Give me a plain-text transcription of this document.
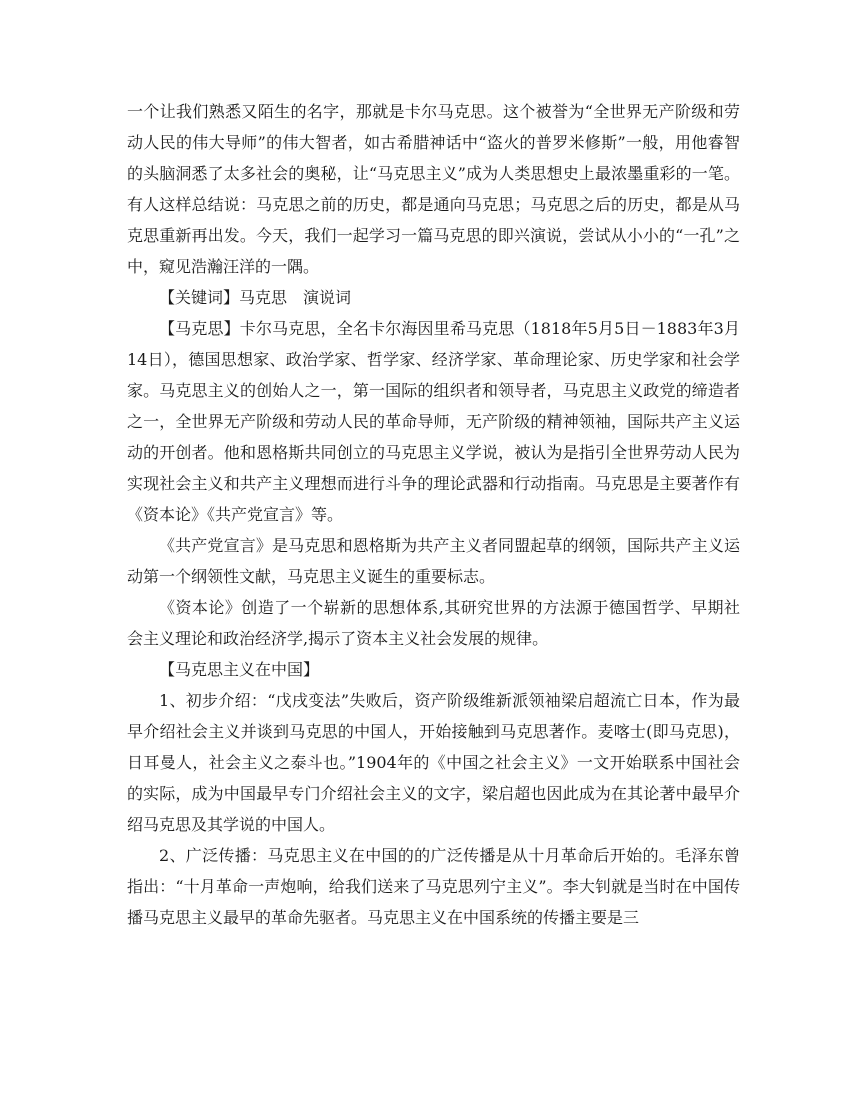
一个让我们熟悉又陌生的名字，那就是卡尔马克思。这个被誉为“全世界无产阶级和劳动人民的伟大导师”的伟大智者，如古希腊神话中“盗火的普罗米修斯”一般，用他睿智的头脑洞悉了太多社会的奥秘，让“马克思主义”成为人类思想史上最浓墨重彩的一笔。有人这样总结说：马克思之前的历史，都是通向马克思；马克思之后的历史，都是从马克思重新再出发。今天，我们一起学习一篇马克思的即兴演说，尝试从小小的“一孔”之中，窥见浩瀚汪洋的一隅。

【关键词】马克思　演说词

【马克思】卡尔马克思，全名卡尔海因里希马克思（1818年5月5日－1883年3月14日），德国思想家、政治学家、哲学家、经济学家、革命理论家、历史学家和社会学家。马克思主义的创始人之一，第一国际的组织者和领导者，马克思主义政党的缔造者之一，全世界无产阶级和劳动人民的革命导师，无产阶级的精神领袖，国际共产主义运动的开创者。他和恩格斯共同创立的马克思主义学说，被认为是指引全世界劳动人民为实现社会主义和共产主义理想而进行斗争的理论武器和行动指南。马克思是主要著作有《资本论》《共产党宣言》等。

《共产党宣言》是马克思和恩格斯为共产主义者同盟起草的纲领，国际共产主义运动第一个纲领性文献，马克思主义诞生的重要标志。

《资本论》创造了一个崭新的思想体系,其研究世界的方法源于德国哲学、早期社会主义理论和政治经济学,揭示了资本主义社会发展的规律。

【马克思主义在中国】

1、初步介绍：“戊戌变法”失败后，资产阶级维新派领袖梁启超流亡日本，作为最早介绍社会主义并谈到马克思的中国人，开始接触到马克思著作。麦喀士(即马克思)，日耳曼人，社会主义之泰斗也。”1904年的《中国之社会主义》一文开始联系中国社会的实际，成为中国最早专门介绍社会主义的文字，梁启超也因此成为在其论著中最早介绍马克思及其学说的中国人。

2、广泛传播：马克思主义在中国的的广泛传播是从十月革命后开始的。毛泽东曾指出：“十月革命一声炮响，给我们送来了马克思列宁主义”。李大钊就是当时在中国传播马克思主义最早的革命先驱者。马克思主义在中国系统的传播主要是三
